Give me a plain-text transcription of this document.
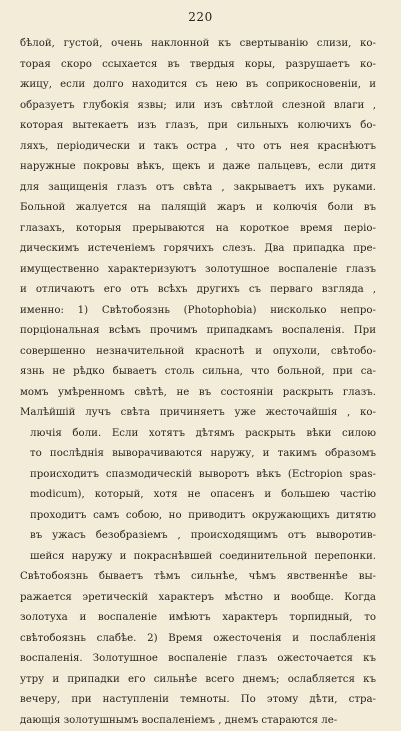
220
бѣлой, густой, очень наклонной къ свертыванію слизи, ко-
торая скоро ссыхается въ твердыя коры, разрушаетъ ко-
жицу, если долго находится съ нею въ соприкосновеніи, и
образуетъ глубокія язвы; или изъ свѣтлой слезной влаги ,
которая вытекаетъ изъ глазъ, при сильныхъ колючихъ бо-
ляхъ, періодически и такъ остра , что отъ нея краснѣютъ
наружные покровы вѣкъ, щекъ и даже пальцевъ, если дитя
для защищенія глазъ отъ свѣта , закрываетъ ихъ руками.
Больной жалуется на палящій жаръ и колючія боли въ
глазахъ, которыя прерываются на короткое время періо-
дическимъ истеченіемъ горячихъ слезъ. Два припадка пре-
имущественно характеризуютъ золотушное воспаленіе глазъ
и отличаютъ его отъ всѣхъ другихъ съ перваго взгляда ,
именно: 1) Свѣтобоязнь (Photophobia) нисколько непро-
порціональная всѣмъ прочимъ припадкамъ воспаленія. При
совершенно незначительной краснотѣ и опухоли, свѣтобо-
язнь не рѣдко бываетъ столь сильна, что больной, при са-
момъ умѣренномъ свѣтѣ, не въ состояніи раскрыть глазъ.
Малѣйшій лучъ свѣта причиняетъ уже жесточайшія , ко-
лючія боли. Если хотятъ дѣтямъ раскрыть вѣки силою
то послѣднія выворачиваются наружу, и такимъ образомъ
происходитъ спазмодическій выворотъ вѣкъ (Ectropion spas-
modicum), который, хотя не опасенъ и большею частію
проходитъ самъ собою, но приводитъ окружающихъ дитятю
въ ужасъ безобразіемъ , происходящимъ отъ выворотив-
шейся наружу и покраснѣвшей соединительной перепонки.
Свѣтобоязнь бываетъ тѣмъ сильнѣе, чѣмъ явственнѣе вы-
ражается эретическій характеръ мѣстно и вообще. Когда
золотуха и воспаленіе имѣютъ характеръ торпидный, то
свѣтобоязнь слабѣе. 2) Время ожесточенія и послабленія
воспаленія. Золотушное воспаленіе глазъ ожесточается къ
утру и припадки его сильнѣе всего днемъ; ослабляется къ
вечеру, при наступленіи темноты. По этому дѣти, стра-
дающія золотушнымъ воспаленіемъ , днемъ стараются ле-
